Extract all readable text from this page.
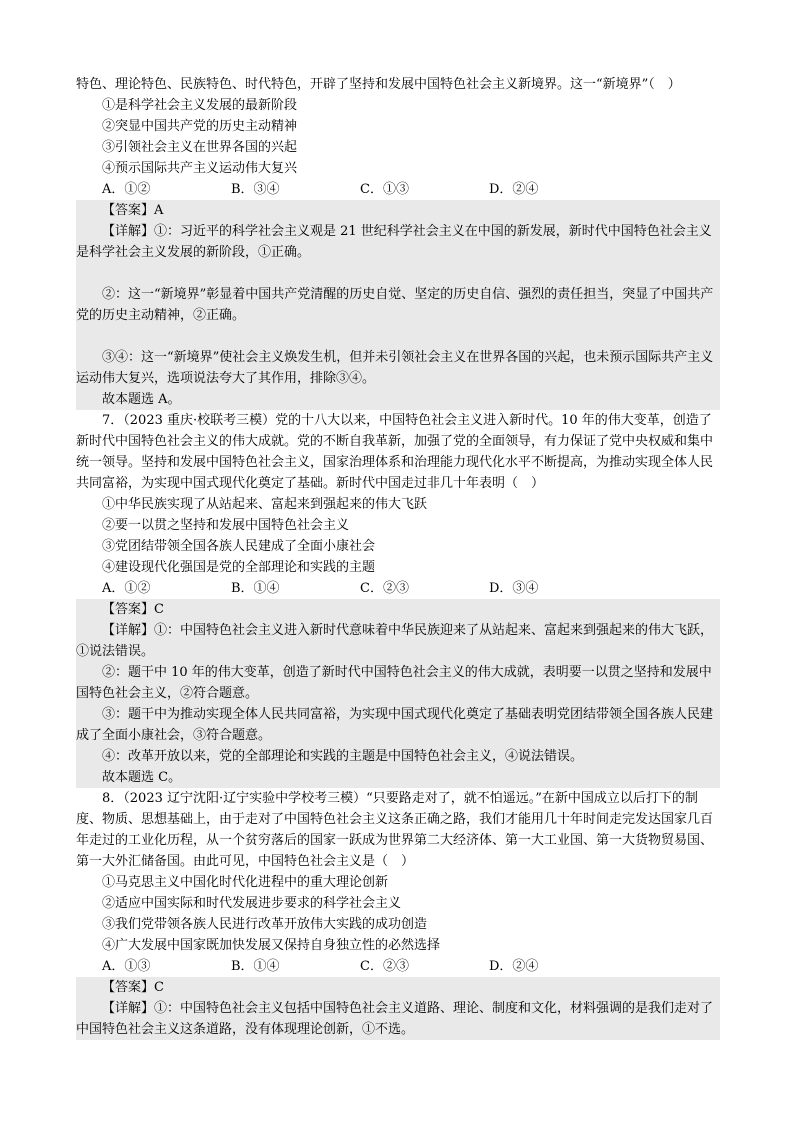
特色、理论特色、民族特色、时代特色，开辟了坚持和发展中国特色社会主义新境界。这一“新境界”（　）

①是科学社会主义发展的最新阶段

②突显中国共产党的历史主动精神

③引领社会主义在世界各国的兴起

④预示国际共产主义运动伟大复兴

A．①②	B．③④	C．①③	D．②④

【答案】A

【详解】①：习近平的科学社会主义观是 21 世纪科学社会主义在中国的新发展，新时代中国特色社会主义是科学社会主义发展的新阶段，①正确。

②：这一“新境界”彰显着中国共产党清醒的历史自觉、坚定的历史自信、强烈的责任担当，突显了中国共产党的历史主动精神，②正确。

③④：这一“新境界”使社会主义焕发生机，但并未引领社会主义在世界各国的兴起，也未预示国际共产主义运动伟大复兴，选项说法夸大了其作用，排除③④。

故本题选 A。

7．（2023 重庆·校联考三模）党的十八大以来，中国特色社会主义进入新时代。10 年的伟大变革，创造了新时代中国特色社会主义的伟大成就。党的不断自我革新，加强了党的全面领导，有力保证了党中央权威和集中统一领导。坚持和发展中国特色社会主义，国家治理体系和治理能力现代化水平不断提高，为推动实现全体人民共同富裕，为实现中国式现代化奠定了基础。新时代中国走过非几十年表明（　）

①中华民族实现了从站起来、富起来到强起来的伟大飞跃

②要一以贯之坚持和发展中国特色社会主义

③党团结带领全国各族人民建成了全面小康社会

④建设现代化强国是党的全部理论和实践的主题

A．①②	B．①④	C．②③	D．③④

【答案】C

【详解】①：中国特色社会主义进入新时代意味着中华民族迎来了从站起来、富起来到强起来的伟大飞跃，①说法错误。

②：题干中 10 年的伟大变革，创造了新时代中国特色社会主义的伟大成就，表明要一以贯之坚持和发展中国特色社会主义，②符合题意。

③：题干中为推动实现全体人民共同富裕，为实现中国式现代化奠定了基础表明党团结带领全国各族人民建成了全面小康社会，③符合题意。

④：改革开放以来，党的全部理论和实践的主题是中国特色社会主义，④说法错误。

故本题选 C。

8．（2023 辽宁沈阳·辽宁实验中学校考三模）“只要路走对了，就不怕遥远。”在新中国成立以后打下的制度、物质、思想基础上，由于走对了中国特色社会主义这条正确之路，我们才能用几十年时间走完发达国家几百年走过的工业化历程，从一个贫穷落后的国家一跃成为世界第二大经济体、第一大工业国、第一大货物贸易国、第一大外汇储备国。由此可见，中国特色社会主义是（　）

①马克思主义中国化时代化进程中的重大理论创新

②适应中国实际和时代发展进步要求的科学社会主义

③我们党带领各族人民进行改革开放伟大实践的成功创造

④广大发展中国家既加快发展又保持自身独立性的必然选择

A．①③	B．①④	C．②③	D．②④

【答案】C

【详解】①：中国特色社会主义包括中国特色社会主义道路、理论、制度和文化，材料强调的是我们走对了中国特色社会主义这条道路，没有体现理论创新，①不选。
